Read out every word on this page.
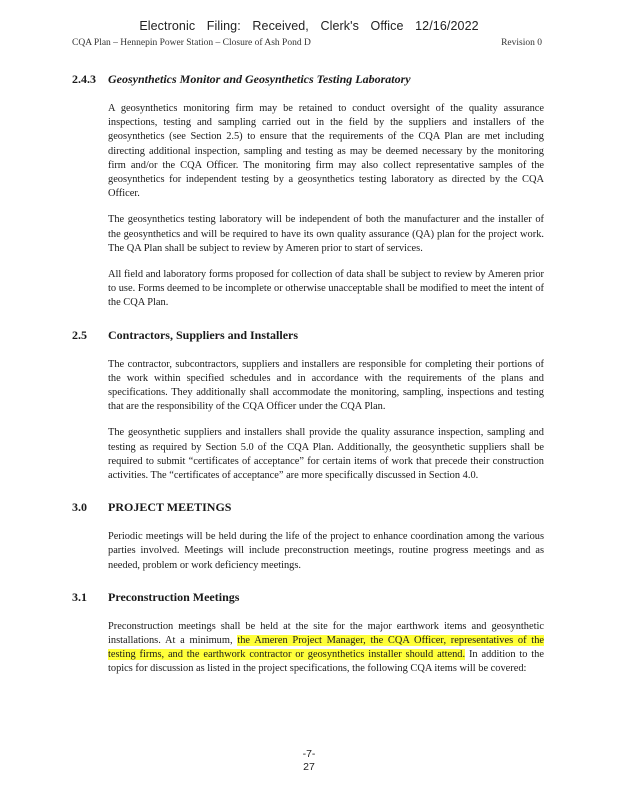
Electronic Filing: Received, Clerk's Office 12/16/2022
CQA Plan – Hennepin Power Station – Closure of Ash Pond D	Revision 0
2.4.3	Geosynthetics Monitor and Geosynthetics Testing Laboratory

A geosynthetics monitoring firm may be retained to conduct oversight of the quality assurance inspections, testing and sampling carried out in the field by the suppliers and installers of the geosynthetics (see Section 2.5) to ensure that the requirements of the CQA Plan are met including directing additional inspection, sampling and testing as may be deemed necessary by the monitoring firm and/or the CQA Officer. The monitoring firm may also collect representative samples of the geosynthetics for independent testing by a geosynthetics testing laboratory as directed by the CQA Officer.

The geosynthetics testing laboratory will be independent of both the manufacturer and the installer of the geosynthetics and will be required to have its own quality assurance (QA) plan for the project work. The QA Plan shall be subject to review by Ameren prior to start of services.

All field and laboratory forms proposed for collection of data shall be subject to review by Ameren prior to use. Forms deemed to be incomplete or otherwise unacceptable shall be modified to meet the intent of the CQA Plan.

2.5	Contractors, Suppliers and Installers

The contractor, subcontractors, suppliers and installers are responsible for completing their portions of the work within specified schedules and in accordance with the requirements of the plans and specifications. They additionally shall accommodate the monitoring, sampling, inspections and testing that are the responsibility of the CQA Officer under the CQA Plan.

The geosynthetic suppliers and installers shall provide the quality assurance inspection, sampling and testing as required by Section 5.0 of the CQA Plan. Additionally, the geosynthetic suppliers shall be required to submit “certificates of acceptance” for certain items of work that precede their construction activities. The “certificates of acceptance” are more specifically discussed in Section 4.0.

3.0	PROJECT MEETINGS

Periodic meetings will be held during the life of the project to enhance coordination among the various parties involved. Meetings will include preconstruction meetings, routine progress meetings and as needed, problem or work deficiency meetings.

3.1	Preconstruction Meetings

Preconstruction meetings shall be held at the site for the major earthwork items and geosynthetic installations. At a minimum, the Ameren Project Manager, the CQA Officer, representatives of the testing firms, and the earthwork contractor or geosynthetics installer should attend. In addition to the topics for discussion as listed in the project specifications, the following CQA items will be covered:

-7-
27
